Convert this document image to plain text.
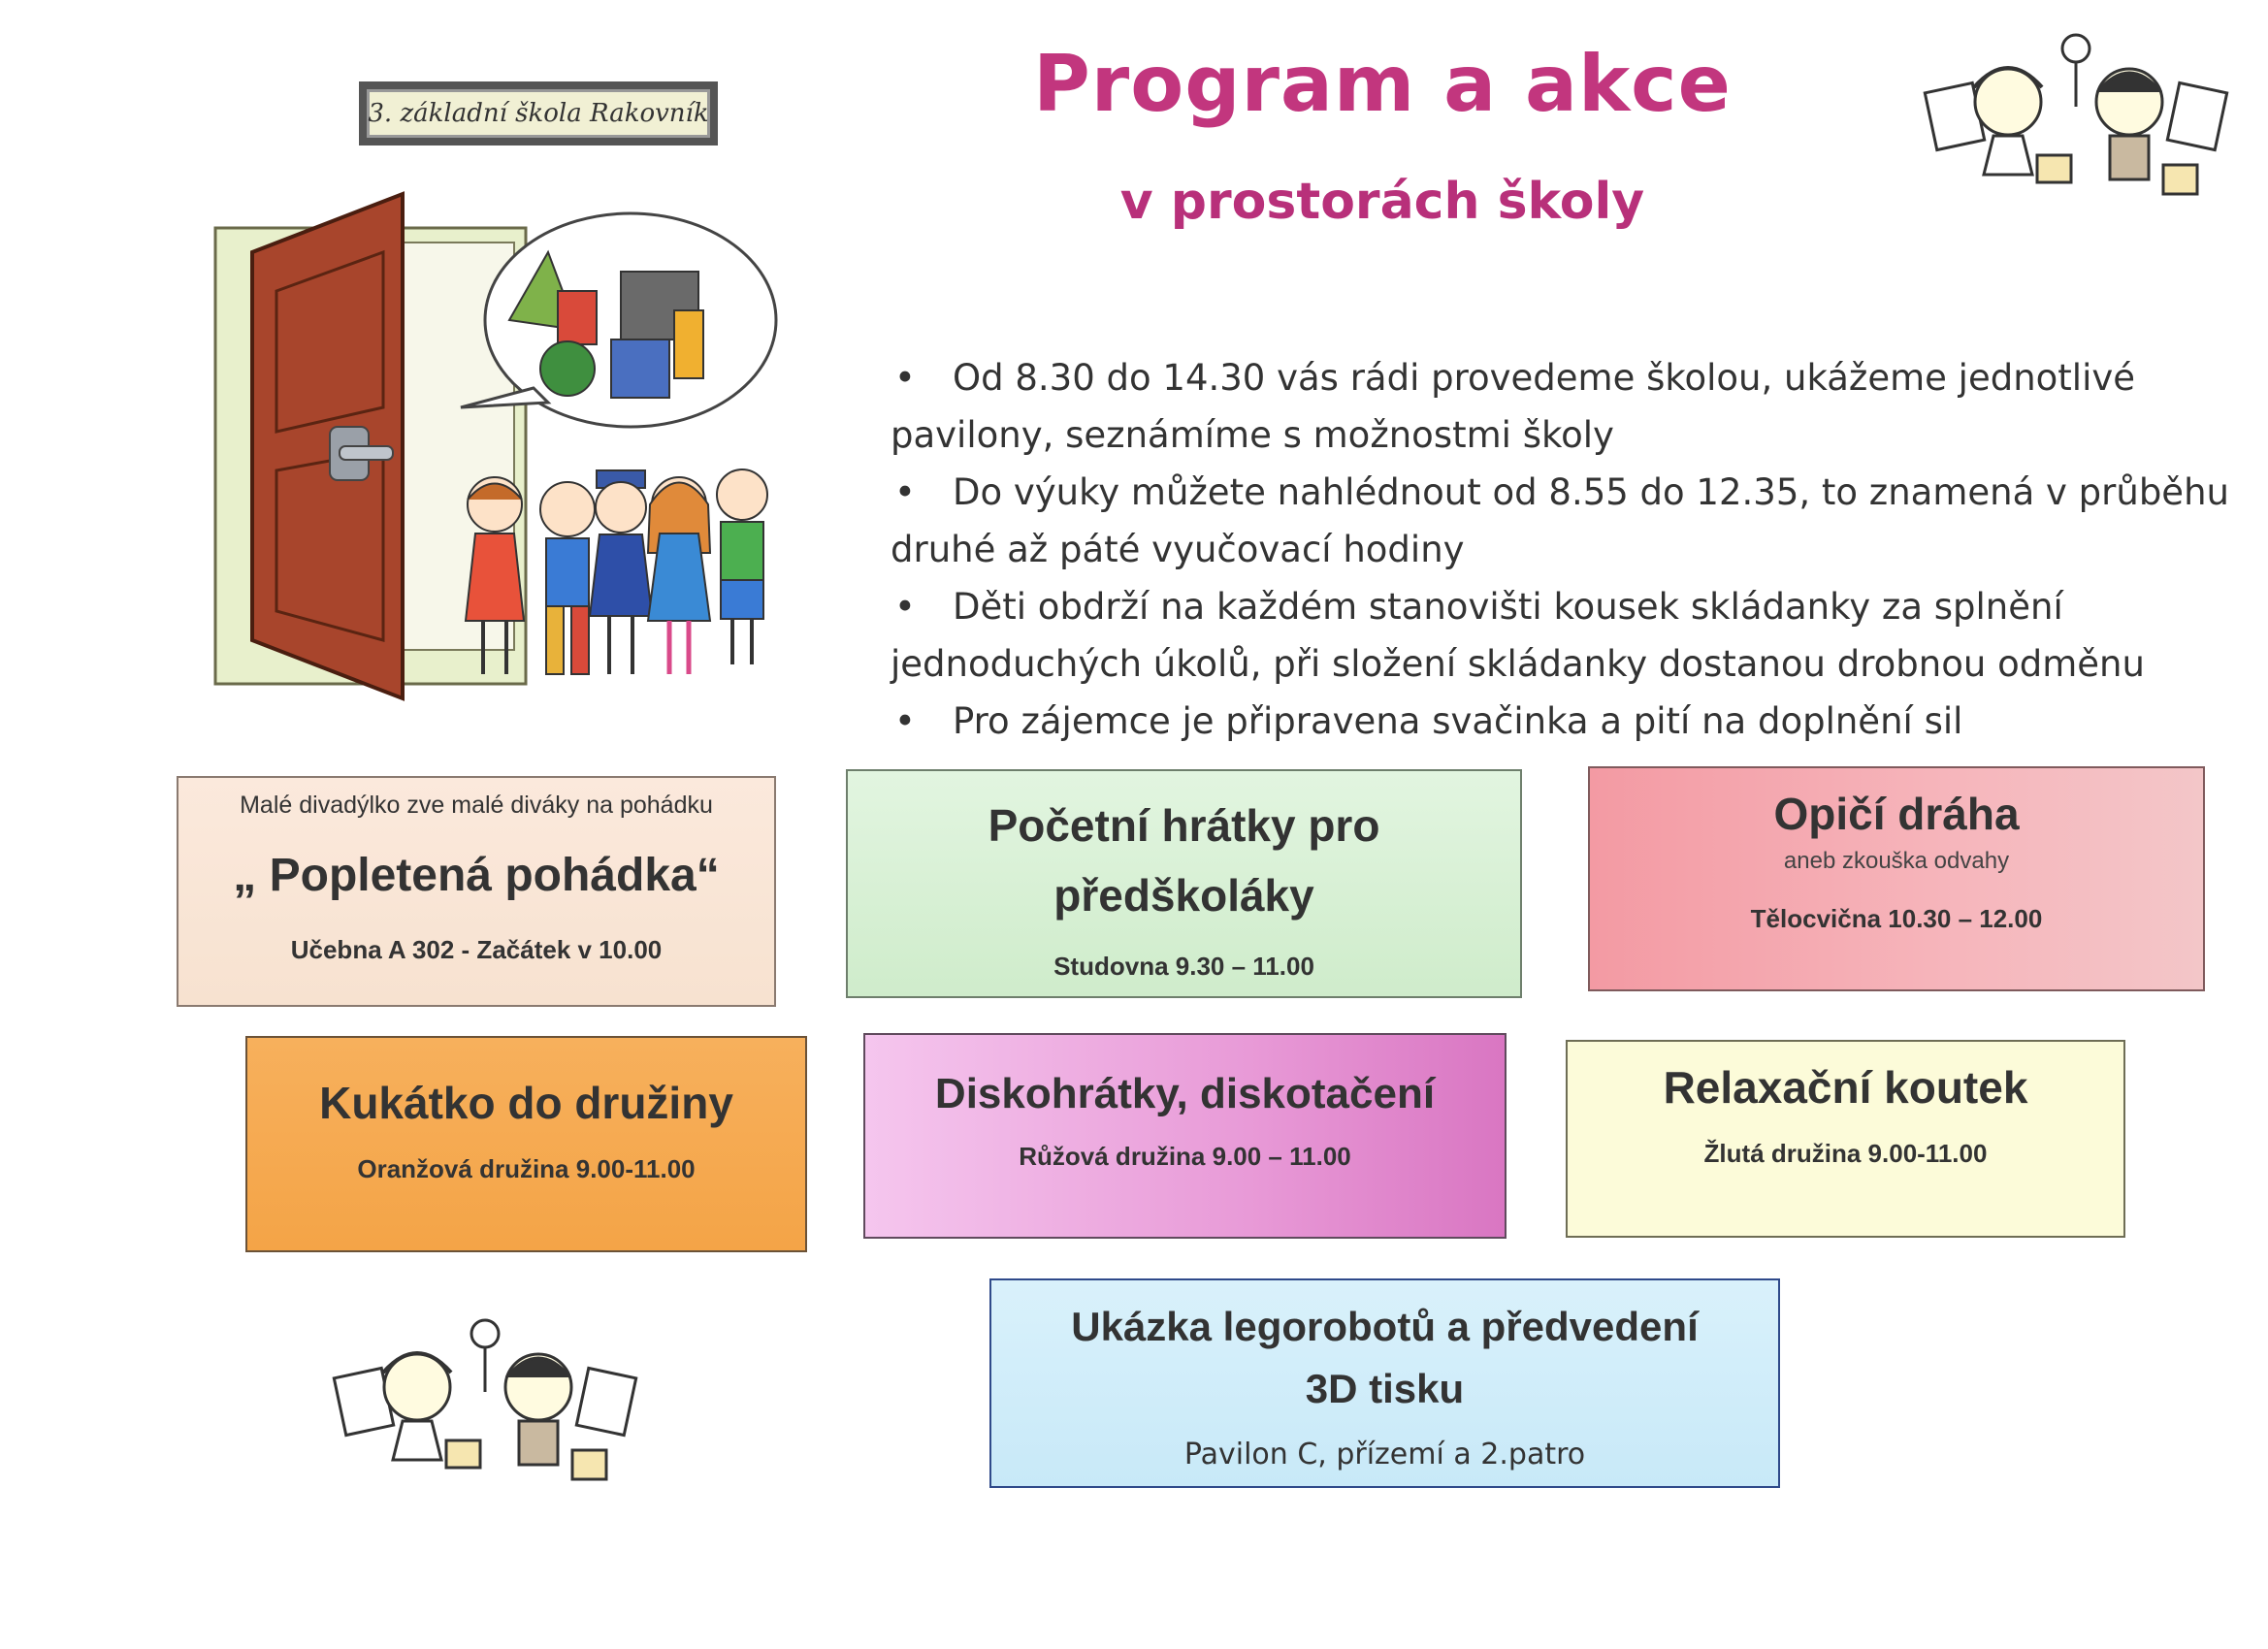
Program a akce
v prostorách školy
3. základní škola Rakovník
• Od 8.30 do 14.30 vás rádi provedeme školou, ukážeme jednotlivé pavilony, seznámíme s možnostmi školy
• Do výuky můžete nahlédnout od 8.55 do 12.35, to znamená v průběhu druhé až páté vyučovací hodiny
• Děti obdrží na každém stanovišti kousek skládanky za splnění jednoduchých úkolů, při složení skládanky dostanou drobnou odměnu
• Pro zájemce je připravena svačinka a pití na doplnění sil
Malé divadýlko zve malé diváky na pohádku
„ Popletená pohádka“
Učebna A 302 - Začátek v 10.00
Početní hrátky pro
předškoláky
Studovna 9.30 – 11.00
Opičí dráha
aneb zkouška odvahy
Tělocvična 10.30 – 12.00
Kukátko do družiny
Oranžová družina 9.00-11.00
Diskohrátky, diskotačení
Růžová družina 9.00 – 11.00
Relaxační koutek
Žlutá družina 9.00-11.00
Ukázka legorobotů a předvedení
3D tisku
Pavilon C, přízemí a 2.patro
